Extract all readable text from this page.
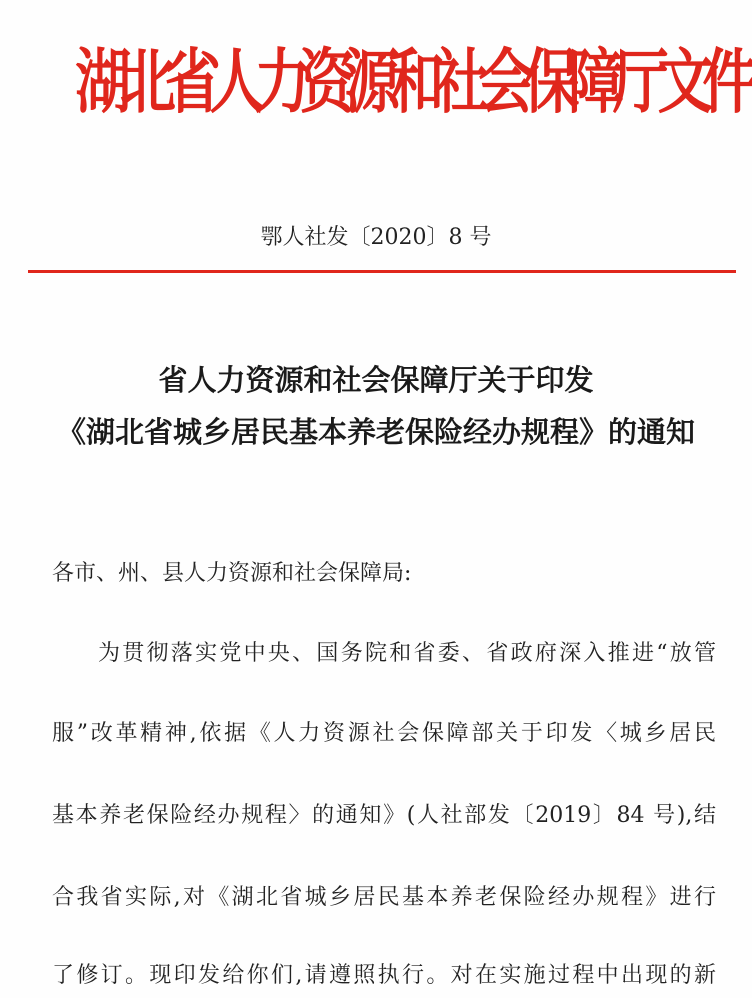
湖北省人力资源和社会保障厅文件
鄂人社发〔2020〕8 号
省人力资源和社会保障厅关于印发
《湖北省城乡居民基本养老保险经办规程》的通知
各市、州、县人力资源和社会保障局:
为贯彻落实党中央、国务院和省委、省政府深入推进“放管
服”改革精神,依据《人力资源社会保障部关于印发〈城乡居民
基本养老保险经办规程〉的通知》(人社部发〔2019〕84 号),结
合我省实际,对《湖北省城乡居民基本养老保险经办规程》进行
了修订。现印发给你们,请遵照执行。对在实施过程中出现的新
